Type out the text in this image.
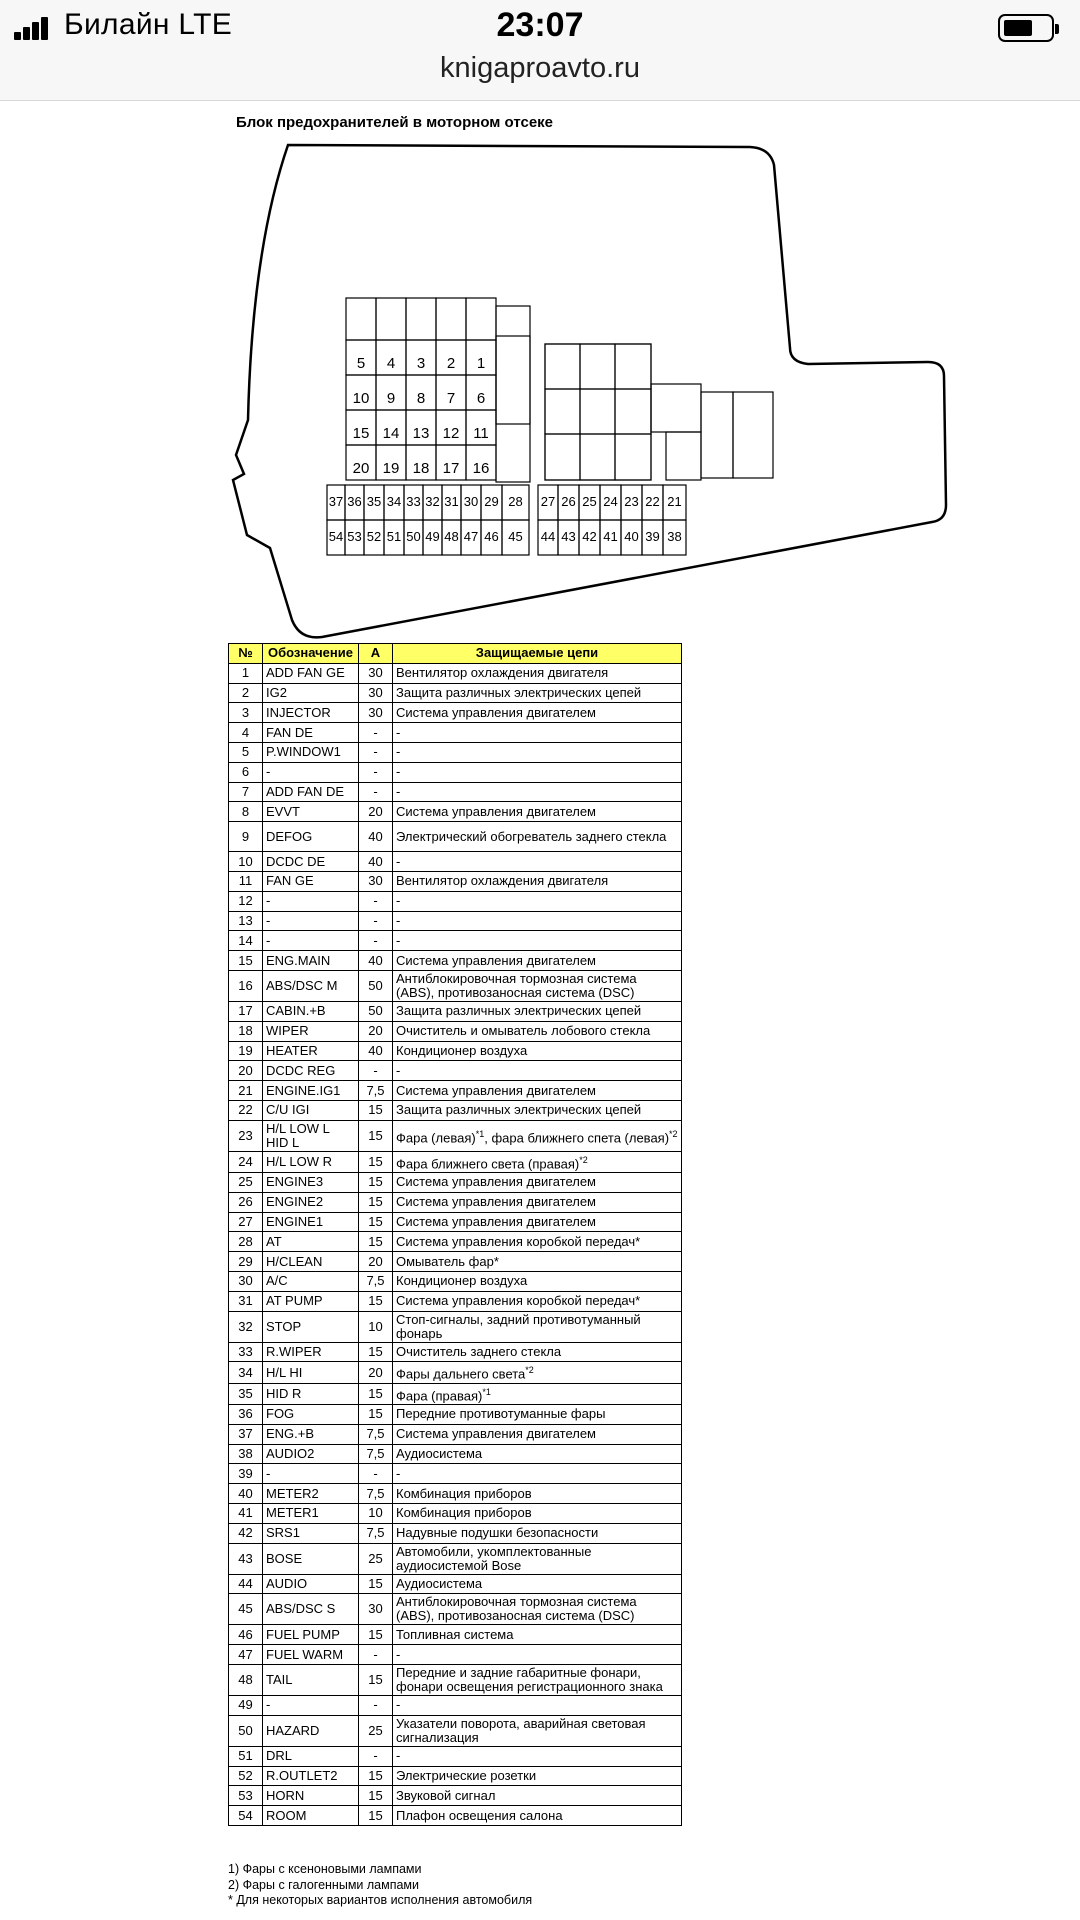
Билайн LTE	23:07
knigaproavto.ru
Блок предохранителей в моторном отсеке
5 4 3 2 1
10 9 8 7 6
15 14 13 12 11
20 19 18 17 16
37
54
36
53
35
52
34
51
33
50
32
49
31
48
30
47
29
46
28
45
27
44
26
43
25
42
24
41
23
40
22
39
21
38
№	Обозначение	А	Защищаемые цепи
1	ADD FAN GE	30	Вентилятор охлаждения двигателя
2	IG2	30	Защита различных электрических цепей
3	INJECTOR	30	Система управления двигателем
4	FAN DE	-	-
5	P.WINDOW1	-	-
6	-	-	-
7	ADD FAN DE	-	-
8	EVVT	20	Система управления двигателем
9	DEFOG	40	Электрический обогреватель заднего стекла
10	DCDC DE	40	-
11	FAN GE	30	Вентилятор охлаждения двигателя
12	-	-	-
13	-	-	-
14	-	-	-
15	ENG.MAIN	40	Система управления двигателем
16	ABS/DSC M	50	Антиблокировочная тормозная система (ABS), противозаносная система (DSC)
17	CABIN.+B	50	Защита различных электрических цепей
18	WIPER	20	Очиститель и омыватель лобового стекла
19	HEATER	40	Кондиционер воздуха
20	DCDC REG	-	-
21	ENGINE.IG1	7,5	Система управления двигателем
22	C/U IGI	15	Защита различных электрических цепей
23	H/L LOW L HID L	15	Фара (левая)$^{*1}$, фара ближнего спета (левая)$^{*2}$
24	H/L LOW R	15	Фара ближнего света (правая)$^{*2}$
25	ENGINE3	15	Система управления двигателем
26	ENGINE2	15	Система управления двигателем
27	ENGINE1	15	Система управления двигателем
28	AT	15	Система управления коробкой передач*
29	H/CLEAN	20	Омыватель фар*
30	A/C	7,5	Кондиционер воздуха
31	AT PUMP	15	Система управления коробкой передач*
32	STOP	10	Стоп-сигналы, задний противотуманный фонарь
33	R.WIPER	15	Очиститель заднего стекла
34	H/L HI	20	Фары дальнего света$^{*2}$
35	HID R	15	Фара (правая)$^{*1}$
36	FOG	15	Передние противотуманные фары
37	ENG.+B	7,5	Система управления двигателем
38	AUDIO2	7,5	Аудиосистема
39	-	-	-
40	METER2	7,5	Комбинация приборов
41	METER1	10	Комбинация приборов
42	SRS1	7,5	Надувные подушки безопасности
43	BOSE	25	Автомобили, укомплектованные аудиосистемой Bose
44	AUDIO	15	Аудиосистема
45	ABS/DSC S	30	Антиблокировочная тормозная система (ABS), противозаносная система (DSC)
46	FUEL PUMP	15	Топливная система
47	FUEL WARM	-	-
48	TAIL	15	Передние и задние габаритные фонари, фонари освещения регистрационного знака
49	-	-	-
50	HAZARD	25	Указатели поворота, аварийная световая сигнализация
51	DRL	-	-
52	R.OUTLET2	15	Электрические розетки
53	HORN	15	Звуковой сигнал
54	ROOM	15	Плафон освещения салона
1) Фары с ксеноновыми лампами
2) Фары с галогенными лампами
* Для некоторых вариантов исполнения автомобиля
